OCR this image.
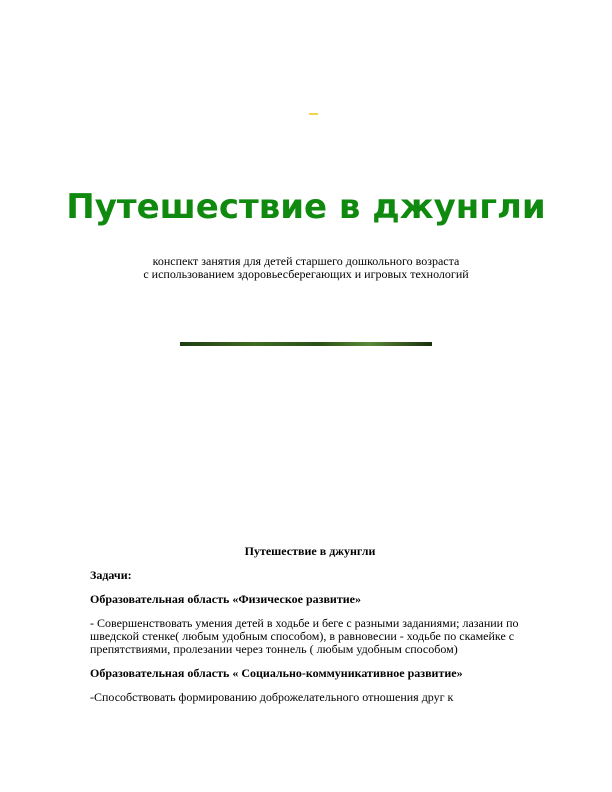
Путешествие в джунгли
конспект занятия для детей старшего дошкольного возраста
с использованием здоровьесберегающих и игровых технологий
Путешествие в джунгли
Задачи:
Образовательная область «Физическое развитие»

- Совершенствовать умения детей в ходьбе и беге с разными заданиями; лазании по шведской стенке( любым удобным способом), в равновесии - ходьбе по скамейке с препятствиями, пролезании через тоннель ( любым удобным способом)

Образовательная область « Социально-коммуникативное развитие»

-Способствовать формированию доброжелательного отношения друг к
